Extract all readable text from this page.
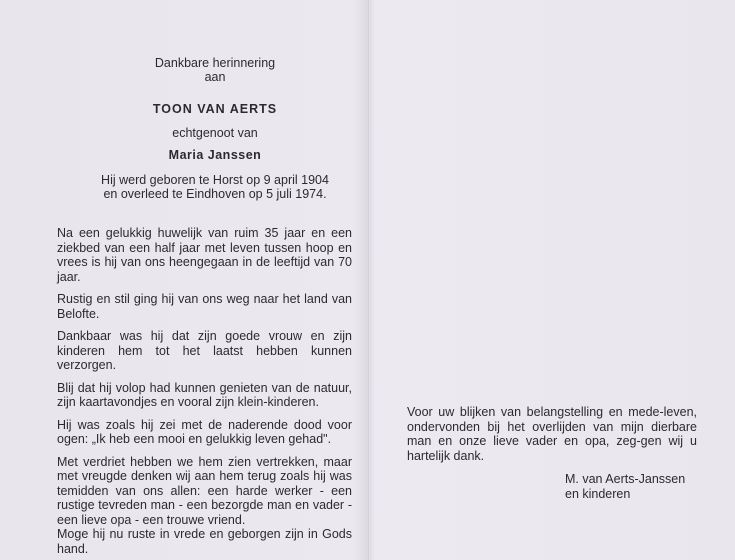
Dankbare herinnering
aan
TOON VAN AERTS
echtgenoot van
Maria Janssen
Hij werd geboren te Horst op 9 april 1904
en overleed te Eindhoven op 5 juli 1974.

Na een gelukkig huwelijk van ruim 35 jaar en een ziekbed van een half jaar met leven tussen hoop en vrees is hij van ons heengegaan in de leeftijd van 70 jaar.

Rustig en stil ging hij van ons weg naar het land van Belofte.

Dankbaar was hij dat zijn goede vrouw en zijn kinderen hem tot het laatst hebben kunnen verzorgen.

Blij dat hij volop had kunnen genieten van de natuur, zijn kaartavondjes en vooral zijn klein-kinderen.

Hij was zoals hij zei met de naderende dood voor ogen: „Ik heb een mooi en gelukkig leven gehad".

Met verdriet hebben we hem zien vertrekken, maar met vreugde denken wij aan hem terug zoals hij was temidden van ons allen: een harde werker - een rustige tevreden man - een bezorgde man en vader - een lieve opa - een trouwe vriend.
Moge hij nu ruste in vrede en geborgen zijn in Gods hand.

Voor uw blijken van belangstelling en mede-leven, ondervonden bij het overlijden van mijn dierbare man en onze lieve vader en opa, zeg-gen wij u hartelijk dank.

M. van Aerts-Janssen
en kinderen
